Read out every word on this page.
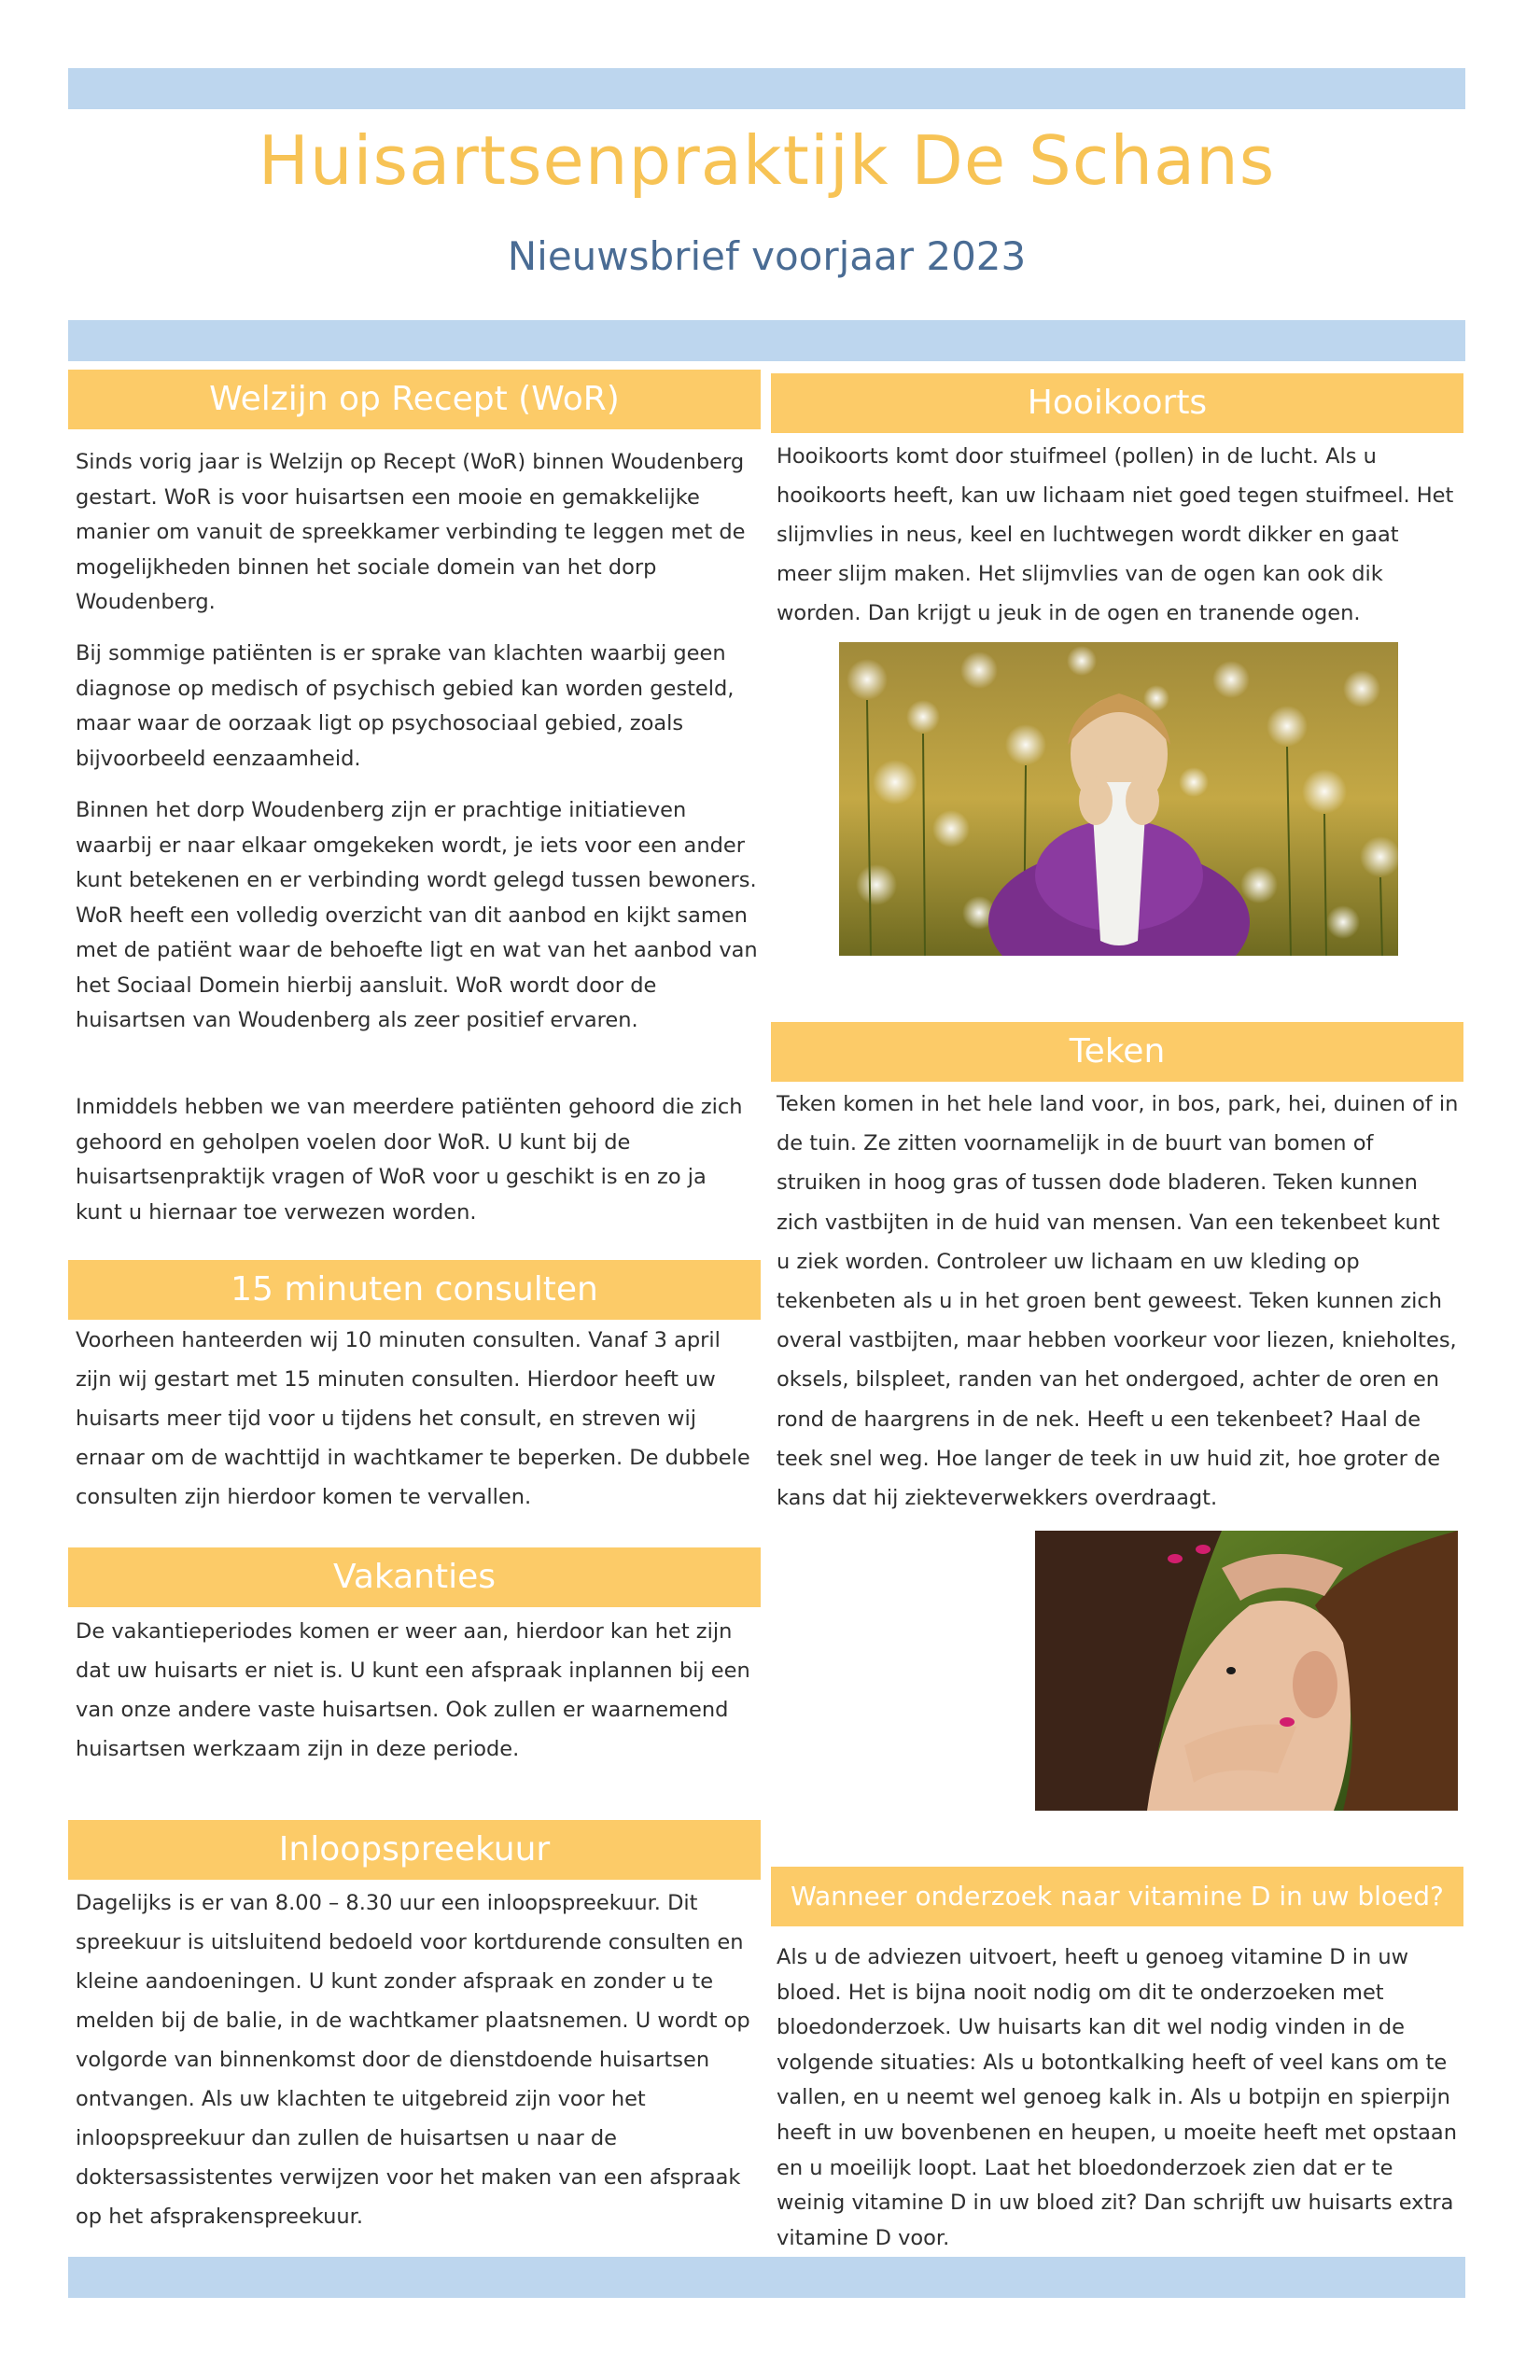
Huisartsenpraktijk De Schans
Nieuwsbrief voorjaar 2023
Welzijn op Recept (WoR)

Sinds vorig jaar is Welzijn op Recept (WoR) binnen Woudenberg gestart. WoR is voor huisartsen een mooie en gemakkelijke manier om vanuit de spreekkamer verbinding te leggen met de mogelijkheden binnen het sociale domein van het dorp Woudenberg.

Bij sommige patiënten is er sprake van klachten waarbij geen diagnose op medisch of psychisch gebied kan worden gesteld, maar waar de oorzaak ligt op psychosociaal gebied, zoals bijvoorbeeld eenzaamheid.

Binnen het dorp Woudenberg zijn er prachtige initiatieven waarbij er naar elkaar omgekeken wordt, je iets voor een ander kunt betekenen en er verbinding wordt gelegd tussen bewoners. WoR heeft een volledig overzicht van dit aanbod en kijkt samen met de patiënt waar de behoefte ligt en wat van het aanbod van het Sociaal Domein hierbij aansluit. WoR wordt door de huisartsen van Woudenberg als zeer positief ervaren.

Inmiddels hebben we van meerdere patiënten gehoord die zich gehoord en geholpen voelen door WoR. U kunt bij de huisartsenpraktijk vragen of WoR voor u geschikt is en zo ja kunt u hiernaar toe verwezen worden.

15 minuten consulten

Voorheen hanteerden wij 10 minuten consulten. Vanaf 3 april zijn wij gestart met 15 minuten consulten. Hierdoor heeft uw huisarts meer tijd voor u tijdens het consult, en streven wij ernaar om de wachttijd in wachtkamer te beperken. De dubbele consulten zijn hierdoor komen te vervallen.

Vakanties

De vakantieperiodes komen er weer aan, hierdoor kan het zijn dat uw huisarts er niet is. U kunt een afspraak inplannen bij een van onze andere vaste huisartsen. Ook zullen er waarnemend huisartsen werkzaam zijn in deze periode.

Inloopspreekuur

Dagelijks is er van 8.00 – 8.30 uur een inloopspreekuur. Dit spreekuur is uitsluitend bedoeld voor kortdurende consulten en kleine aandoeningen. U kunt zonder afspraak en zonder u te melden bij de balie, in de wachtkamer plaatsnemen. U wordt op volgorde van binnenkomst door de dienstdoende huisartsen ontvangen. Als uw klachten te uitgebreid zijn voor het inloopspreekuur dan zullen de huisartsen u naar de doktersassistentes verwijzen voor het maken van een afspraak op het afsprakenspreekuur.

Hooikoorts

Hooikoorts komt door stuifmeel (pollen) in de lucht. Als u hooikoorts heeft, kan uw lichaam niet goed tegen stuifmeel. Het slijmvlies in neus, keel en luchtwegen wordt dikker en gaat meer slijm maken. Het slijmvlies van de ogen kan ook dik worden. Dan krijgt u jeuk in de ogen en tranende ogen.

Teken

Teken komen in het hele land voor, in bos, park, hei, duinen of in de tuin. Ze zitten voornamelijk in de buurt van bomen of struiken in hoog gras of tussen dode bladeren. Teken kunnen zich vastbijten in de huid van mensen. Van een tekenbeet kunt u ziek worden. Controleer uw lichaam en uw kleding op tekenbeten als u in het groen bent geweest. Teken kunnen zich overal vastbijten, maar hebben voorkeur voor liezen, knieholtes, oksels, bilspleet, randen van het ondergoed, achter de oren en rond de haargrens in de nek. Heeft u een tekenbeet? Haal de teek snel weg. Hoe langer de teek in uw huid zit, hoe groter de kans dat hij ziekteverwekkers overdraagt.

Wanneer onderzoek naar vitamine D in uw bloed?

Als u de adviezen uitvoert, heeft u genoeg vitamine D in uw bloed. Het is bijna nooit nodig om dit te onderzoeken met bloedonderzoek. Uw huisarts kan dit wel nodig vinden in de volgende situaties: Als u botontkalking heeft of veel kans om te vallen, en u neemt wel genoeg kalk in. Als u botpijn en spierpijn heeft in uw bovenbenen en heupen, u moeite heeft met opstaan en u moeilijk loopt. Laat het bloedonderzoek zien dat er te weinig vitamine D in uw bloed zit? Dan schrijft uw huisarts extra vitamine D voor.
